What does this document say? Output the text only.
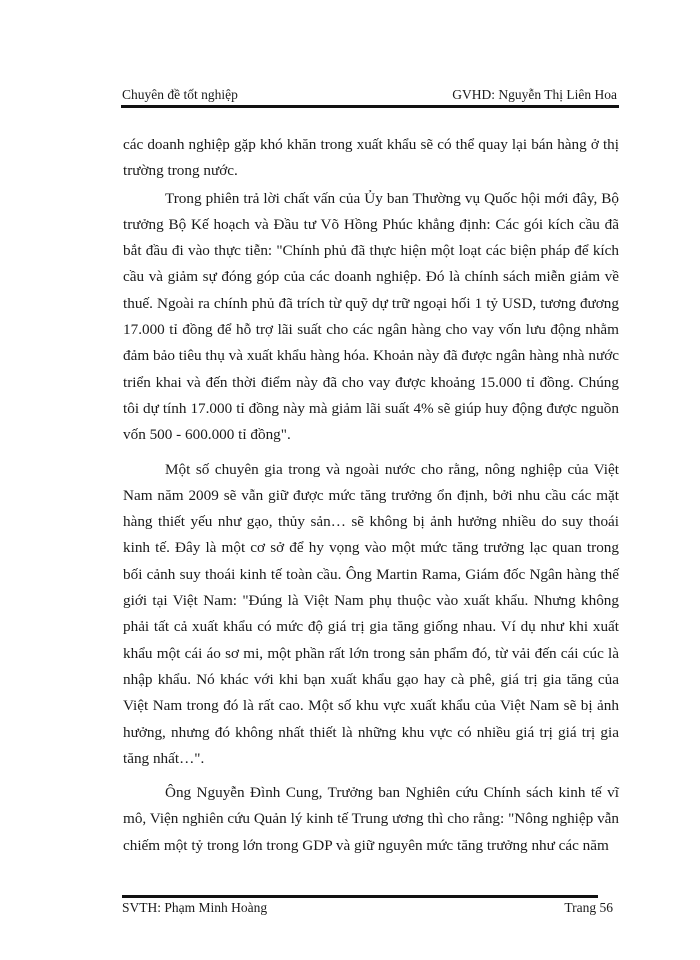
Chuyên đề tốt nghiệp	GVHD: Nguyễn Thị Liên Hoa

các doanh nghiệp gặp khó khăn trong xuất khẩu sẽ có thể quay lại bán hàng ở thị trường trong nước.

Trong phiên trả lời chất vấn của Ủy ban Thường vụ Quốc hội mới đây, Bộ trưởng Bộ Kế hoạch và Đầu tư Võ Hồng Phúc khẳng định: Các gói kích cầu đã bắt đầu đi vào thực tiễn: "Chính phủ đã thực hiện một loạt các biện pháp để kích cầu và giảm sự đóng góp của các doanh nghiệp. Đó là chính sách miễn giảm về thuế. Ngoài ra chính phủ đã trích từ quỹ dự trữ ngoại hối 1 tỷ USD, tương đương 17.000 tỉ đồng để hỗ trợ lãi suất cho các ngân hàng cho vay vốn lưu động nhằm đảm bảo tiêu thụ và xuất khẩu hàng hóa. Khoản này đã được ngân hàng nhà nước triển khai và đến thời điểm này đã cho vay được khoảng 15.000 tỉ đồng. Chúng tôi dự tính 17.000 tỉ đồng này mà giảm lãi suất 4% sẽ giúp huy động được nguồn vốn 500 - 600.000 tỉ đồng".

Một số chuyên gia trong và ngoài nước cho rằng, nông nghiệp của Việt Nam năm 2009 sẽ vẫn giữ được mức tăng trưởng ổn định, bởi nhu cầu các mặt hàng thiết yếu như gạo, thủy sản… sẽ không bị ảnh hưởng nhiều do suy thoái kinh tế. Đây là một cơ sở để hy vọng vào một mức tăng trưởng lạc quan trong bối cảnh suy thoái kinh tế toàn cầu. Ông Martin Rama, Giám đốc Ngân hàng thế giới tại Việt Nam: "Đúng là Việt Nam phụ thuộc vào xuất khẩu. Nhưng không phải tất cả xuất khẩu có mức độ giá trị gia tăng giống nhau. Ví dụ như khi xuất khẩu một cái áo sơ mi, một phần rất lớn trong sản phẩm đó, từ vải đến cái cúc là nhập khẩu. Nó khác với khi bạn xuất khẩu gạo hay cà phê, giá trị gia tăng của Việt Nam trong đó là rất cao. Một số khu vực xuất khẩu của Việt Nam sẽ bị ảnh hưởng, nhưng đó không nhất thiết là những khu vực có nhiều giá trị giá trị gia tăng nhất…".

Ông Nguyễn Đình Cung, Trưởng ban Nghiên cứu Chính sách kinh tế vĩ mô, Viện nghiên cứu Quản lý kinh tế Trung ương thì cho rằng: "Nông nghiệp vẫn chiếm một tỷ trong lớn trong GDP và giữ nguyên mức tăng trưởng như các năm

SVTH: Phạm Minh Hoàng	Trang 56
